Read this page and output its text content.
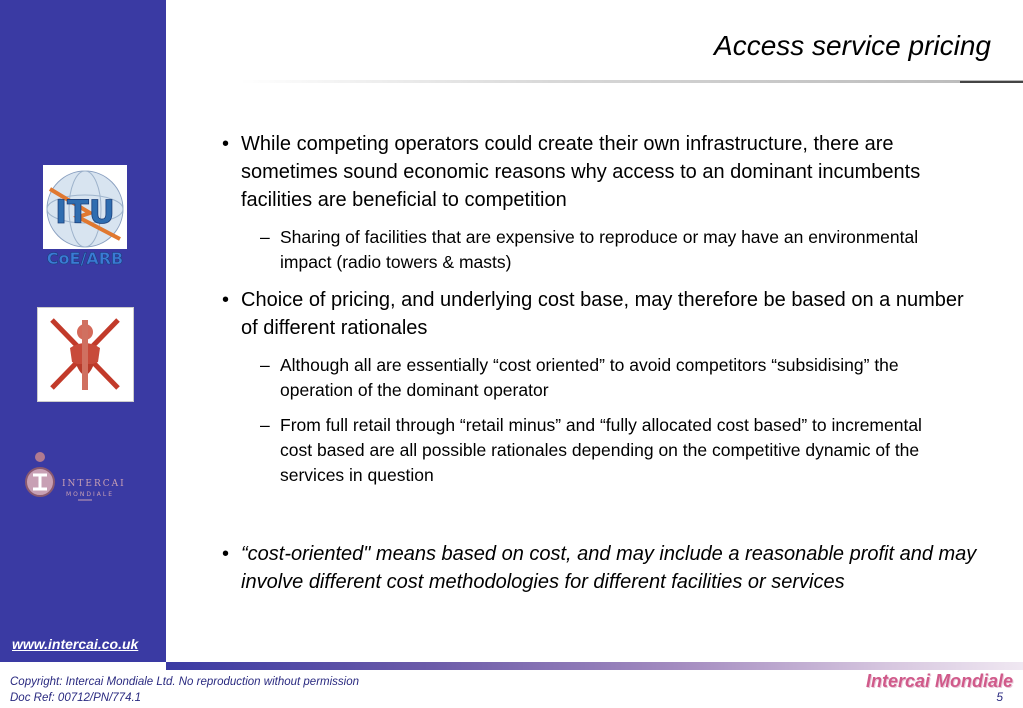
ITU
CoE/ARB
INTERCAI
MONDIALE
www.intercai.co.uk
Access service pricing

• While competing operators could create their own infrastructure, there are sometimes sound economic reasons why access to an dominant incumbents facilities are beneficial to competition

– Sharing of facilities that are expensive to reproduce or may have an environmental impact (radio towers & masts)

• Choice of pricing, and underlying cost base, may therefore be based on a number of different rationales

– Although all are essentially “cost oriented” to avoid competitors “subsidising” the operation of the dominant operator

– From full retail through “retail minus” and “fully allocated cost based” to incremental cost based are all possible rationales depending on the competitive dynamic of the services in question

• “cost-oriented" means based on cost, and may include a reasonable profit and may involve different cost methodologies for different facilities or services

Copyright: Intercai Mondiale Ltd. No reproduction without permission
Doc Ref: 00712/PN/774.1
Intercai Mondiale
5
